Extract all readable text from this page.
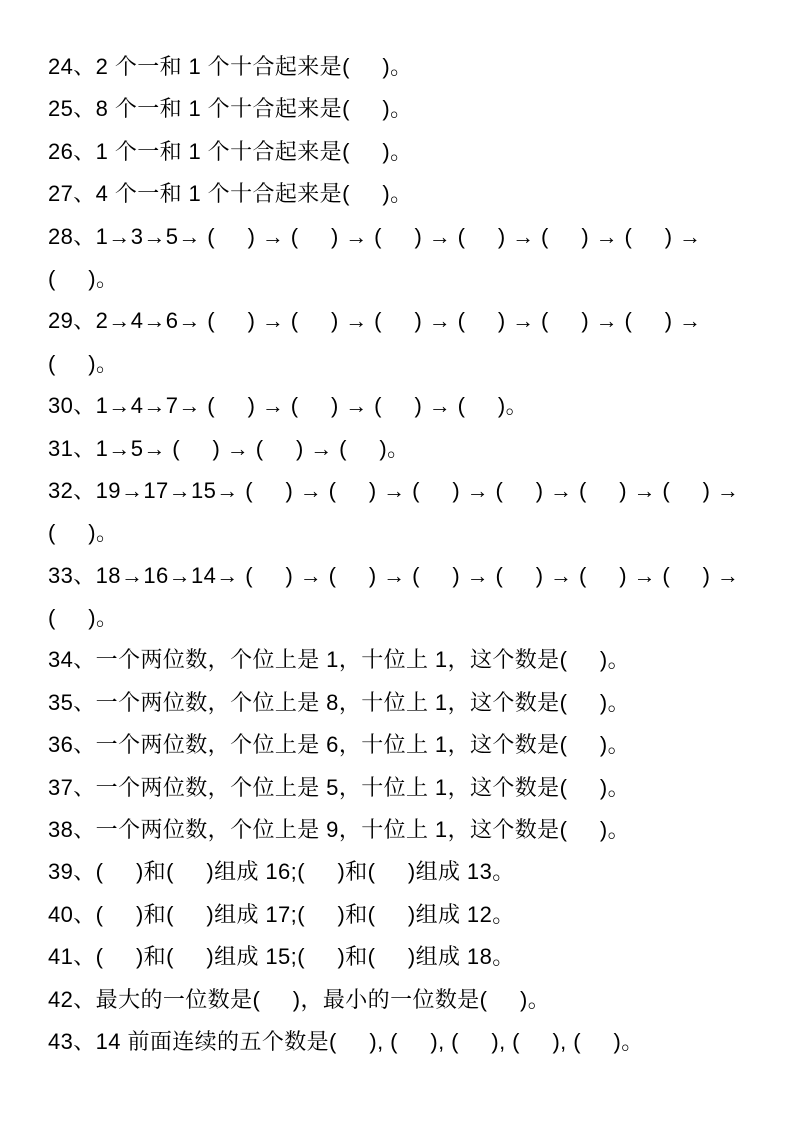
24、2 个一和 1 个十合起来是(     )。
25、8 个一和 1 个十合起来是(     )。
26、1 个一和 1 个十合起来是(     )。
27、4 个一和 1 个十合起来是(     )。
28、1→3→5→ (     ) → (     ) → (     ) → (     ) → (     ) → (     ) →
(     )。
29、2→4→6→ (     ) → (     ) → (     ) → (     ) → (     ) → (     ) →
(     )。
30、1→4→7→ (     ) → (     ) → (     ) → (     )。
31、1→5→ (     ) → (     ) → (     )。
32、19→17→15→ (     ) → (     ) → (     ) → (     ) → (     ) → (     ) →
(     )。
33、18→16→14→ (     ) → (     ) → (     ) → (     ) → (     ) → (     ) →
(     )。
34、一个两位数，个位上是 1，十位上 1，这个数是(     )。
35、一个两位数，个位上是 8，十位上 1，这个数是(     )。
36、一个两位数，个位上是 6，十位上 1，这个数是(     )。
37、一个两位数，个位上是 5，十位上 1，这个数是(     )。
38、一个两位数，个位上是 9，十位上 1，这个数是(     )。
39、(     )和(     )组成 16;(     )和(     )组成 13。
40、(     )和(     )组成 17;(     )和(     )组成 12。
41、(     )和(     )组成 15;(     )和(     )组成 18。
42、最大的一位数是(     )，最小的一位数是(     )。
43、14 前面连续的五个数是(     ), (     ), (     ), (     ), (     )。
